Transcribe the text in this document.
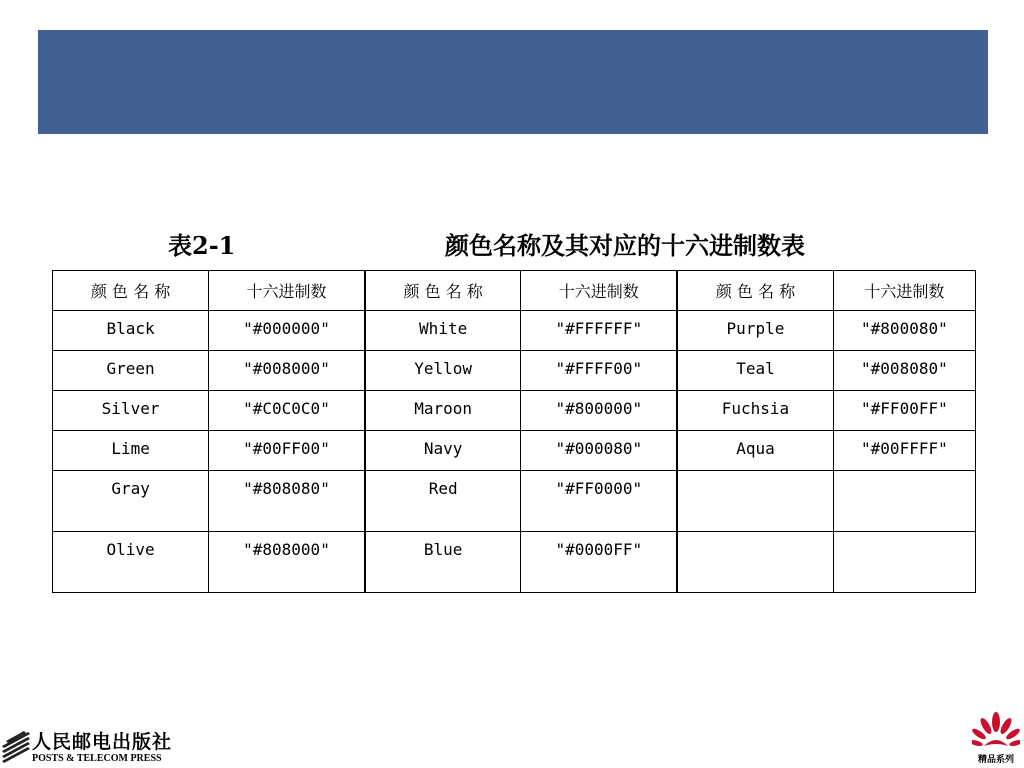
表2-1	颜色名称及其对应的十六进制数表
颜 色 名 称	十六进制数	颜 色 名 称	十六进制数	颜 色 名 称	十六进制数
Black	"#000000"	White	"#FFFFFF"	Purple	"#800080"
Green	"#008000"	Yellow	"#FFFF00"	Teal	"#008080"
Silver	"#C0C0C0"	Maroon	"#800000"	Fuchsia	"#FF00FF"
Lime	"#00FF00"	Navy	"#000080"	Aqua	"#00FFFF"
Gray	"#808080"	Red	"#FF0000"		
Olive	"#808000"	Blue	"#0000FF"		
人民邮电出版社
POSTS & TELECOM PRESS	精品系列
